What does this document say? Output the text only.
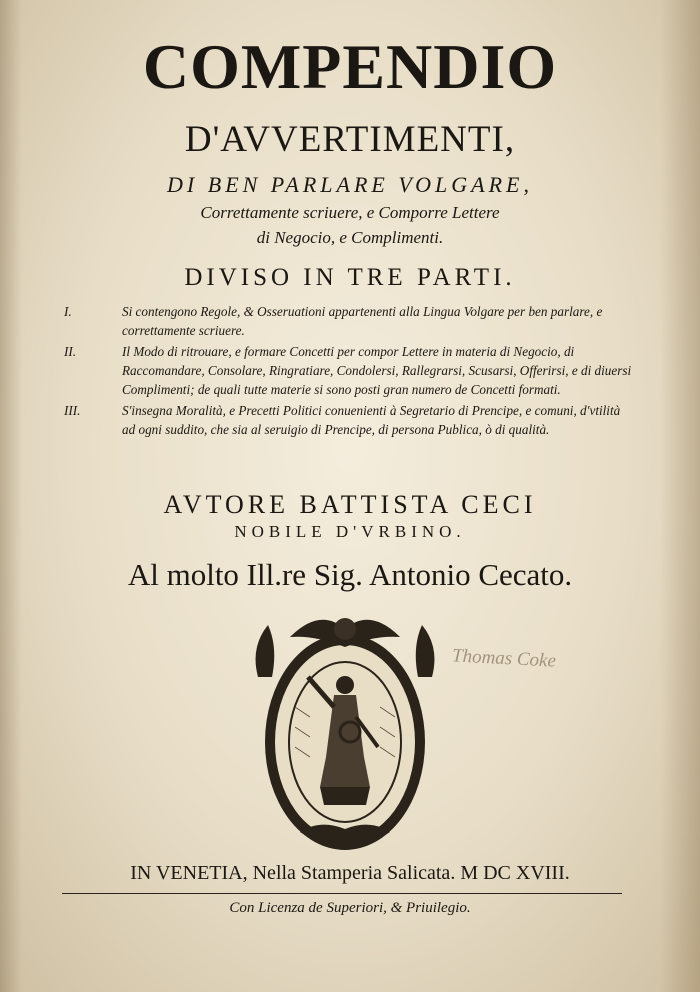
COMPENDIO
D'AVVERTIMENTI,
DI BEN PARLARE VOLGARE,
Correttamente scriuere, e Comporre Lettere
di Negocio, e Complimenti.
DIVISO IN TRE PARTI.
I.	Si contengono Regole, & Osseruationi appartenenti alla Lingua Volgare per ben parlare, e correttamente scriuere.
II.	Il Modo di ritrouare, e formare Concetti per compor Lettere in materia di Negocio, di Raccomandare, Consolare, Ringratiare, Condolersi, Rallegrarsi, Scusarsi, Offerirsi, e di diuersi Complimenti; de quali tutte materie si sono posti gran numero de Concetti formati.
III.	S'insegna Moralità, e Precetti Politici conuenienti à Segretario di Prencipe, e comuni, d'vtilità ad ogni suddito, che sia al seruigio di Prencipe, di persona Publica, ò di qualità.
AVTORE BATTISTA CECI
NOBILE D'VRBINO.
Al molto Ill.re Sig. Antonio Cecato.
Thomas Coke
IN VENETIA, Nella Stamperia Salicata. M DC XVIII.
Con Licenza de Superiori, & Priuilegio.
